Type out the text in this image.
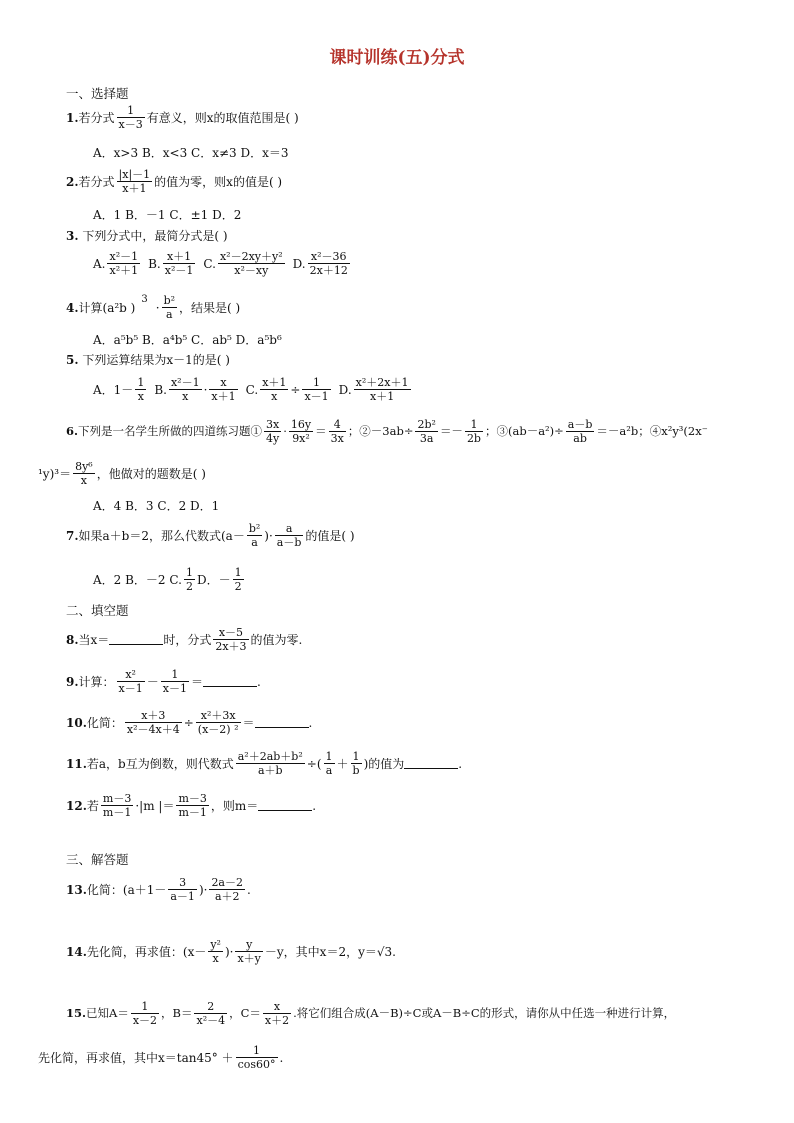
课时训练(五)分式
一、选择题
1. 若分式 $\frac{1}{x-3}$ 有意义，则x的取值范围是( )
A．x>3 B．x<3 C．x≠3 D．x＝3
2. 若分式 $\frac{|x|-1}{x+1}$ 的值为零，则x的值是( )
A．1 B．－1 C．±1 D．2
3. 下列分式中，最简分式是( )
A. $\frac{\text{x²－1}}{\text{x²＋1}} B$. $\frac{x+1}{\text{x²－1}} C$. $\frac{\text{x²－2xy＋y²}}{\text{x²－xy}} D$. $\frac{\text{x²－36}}{2x+12}$
4. 计算(a²b )
$^3$
· $\frac{\text{b²}}{a}$ ，结果是( )
A．a⁵b⁵ B．a⁴b⁵ C．ab⁵ D．a⁵b⁶
5. 下列运算结果为x－1的是( )
A．$1- \frac{1}{x} B$. $\frac{\text{x²－1}}{x} \cdot \frac{x}{x+1} C$. $\frac{x+1}{x} \div \frac{1}{x-1} D$. $\frac{\text{x²＋2x＋1}}{x+1}$
6. 下列是一名学生所做的四道练习题① $\frac{3x}{4y} \cdot \frac{16y}{\text{9x²}} = \frac{4}{3x}$ ；②－3ab÷ $\frac{\text{2b²}}{3a} =- \frac{1}{2b}$ ；③(ab－a²)÷ $\frac{a-b}{ab} =-a^2b$；④x²y³(2x⁻
$^1y)^3= \frac{\text{8y⁶}}{x}$ ，他做对的题数是( )
A．4 B．3 C．2 D．1
7. 如果a＋b＝2，那么代数式($a- \frac{\text{b²}}{a}$ )· $\frac{a}{a-b}$ 的值是( )
A．2 B．－2 C. $\frac{1}{2}$ D．－ $\frac{1}{2}$
二、填空题
8. 当x＝	时，分式 $\frac{x-5}{2x+3}$ 的值为零.
9. 计算： $\frac{\text{x²}}{x-1} - \frac{1}{x-1}$ ＝	.
10. 化简： $\frac{x+3}{\text{x²－4x＋4}} \div \frac{\text{x²＋3x}}{\text{(x－2) ²}}$ ＝	.
11. 若a，b互为倒数，则代数式 $\frac{\text{a²＋2ab＋b²}}{a+b}$ ÷( $\frac{1}{a} + \frac{1}{b}$ )的值为	.
12. 若 $\frac{m-3}{m-1} \cdot|m$ |＝ $\frac{m-3}{m-1}$ ，则m＝	.
三、解答题
13. 化简：($a+1- \frac{3}{a-1}$ )· $\frac{2a-2}{a+2}$ .
14. 先化简，再求值：($x- \frac{\text{y²}}{x}$ )· $\frac{y}{x+y} -y$，其中x＝2，y＝√3.
15. 已知$A= \frac{1}{x-2}$ ，$B= \frac{2}{\text{x²－4}}$ ，$C= \frac{x}{x+2}$ .将它们组合成(A－B)÷C或A－B÷C的形式，请你从中任选一种进行计算，
先化简，再求值，其中$x=\tan 45^\circ + \frac{1}{\cos 60^\circ}$ .
